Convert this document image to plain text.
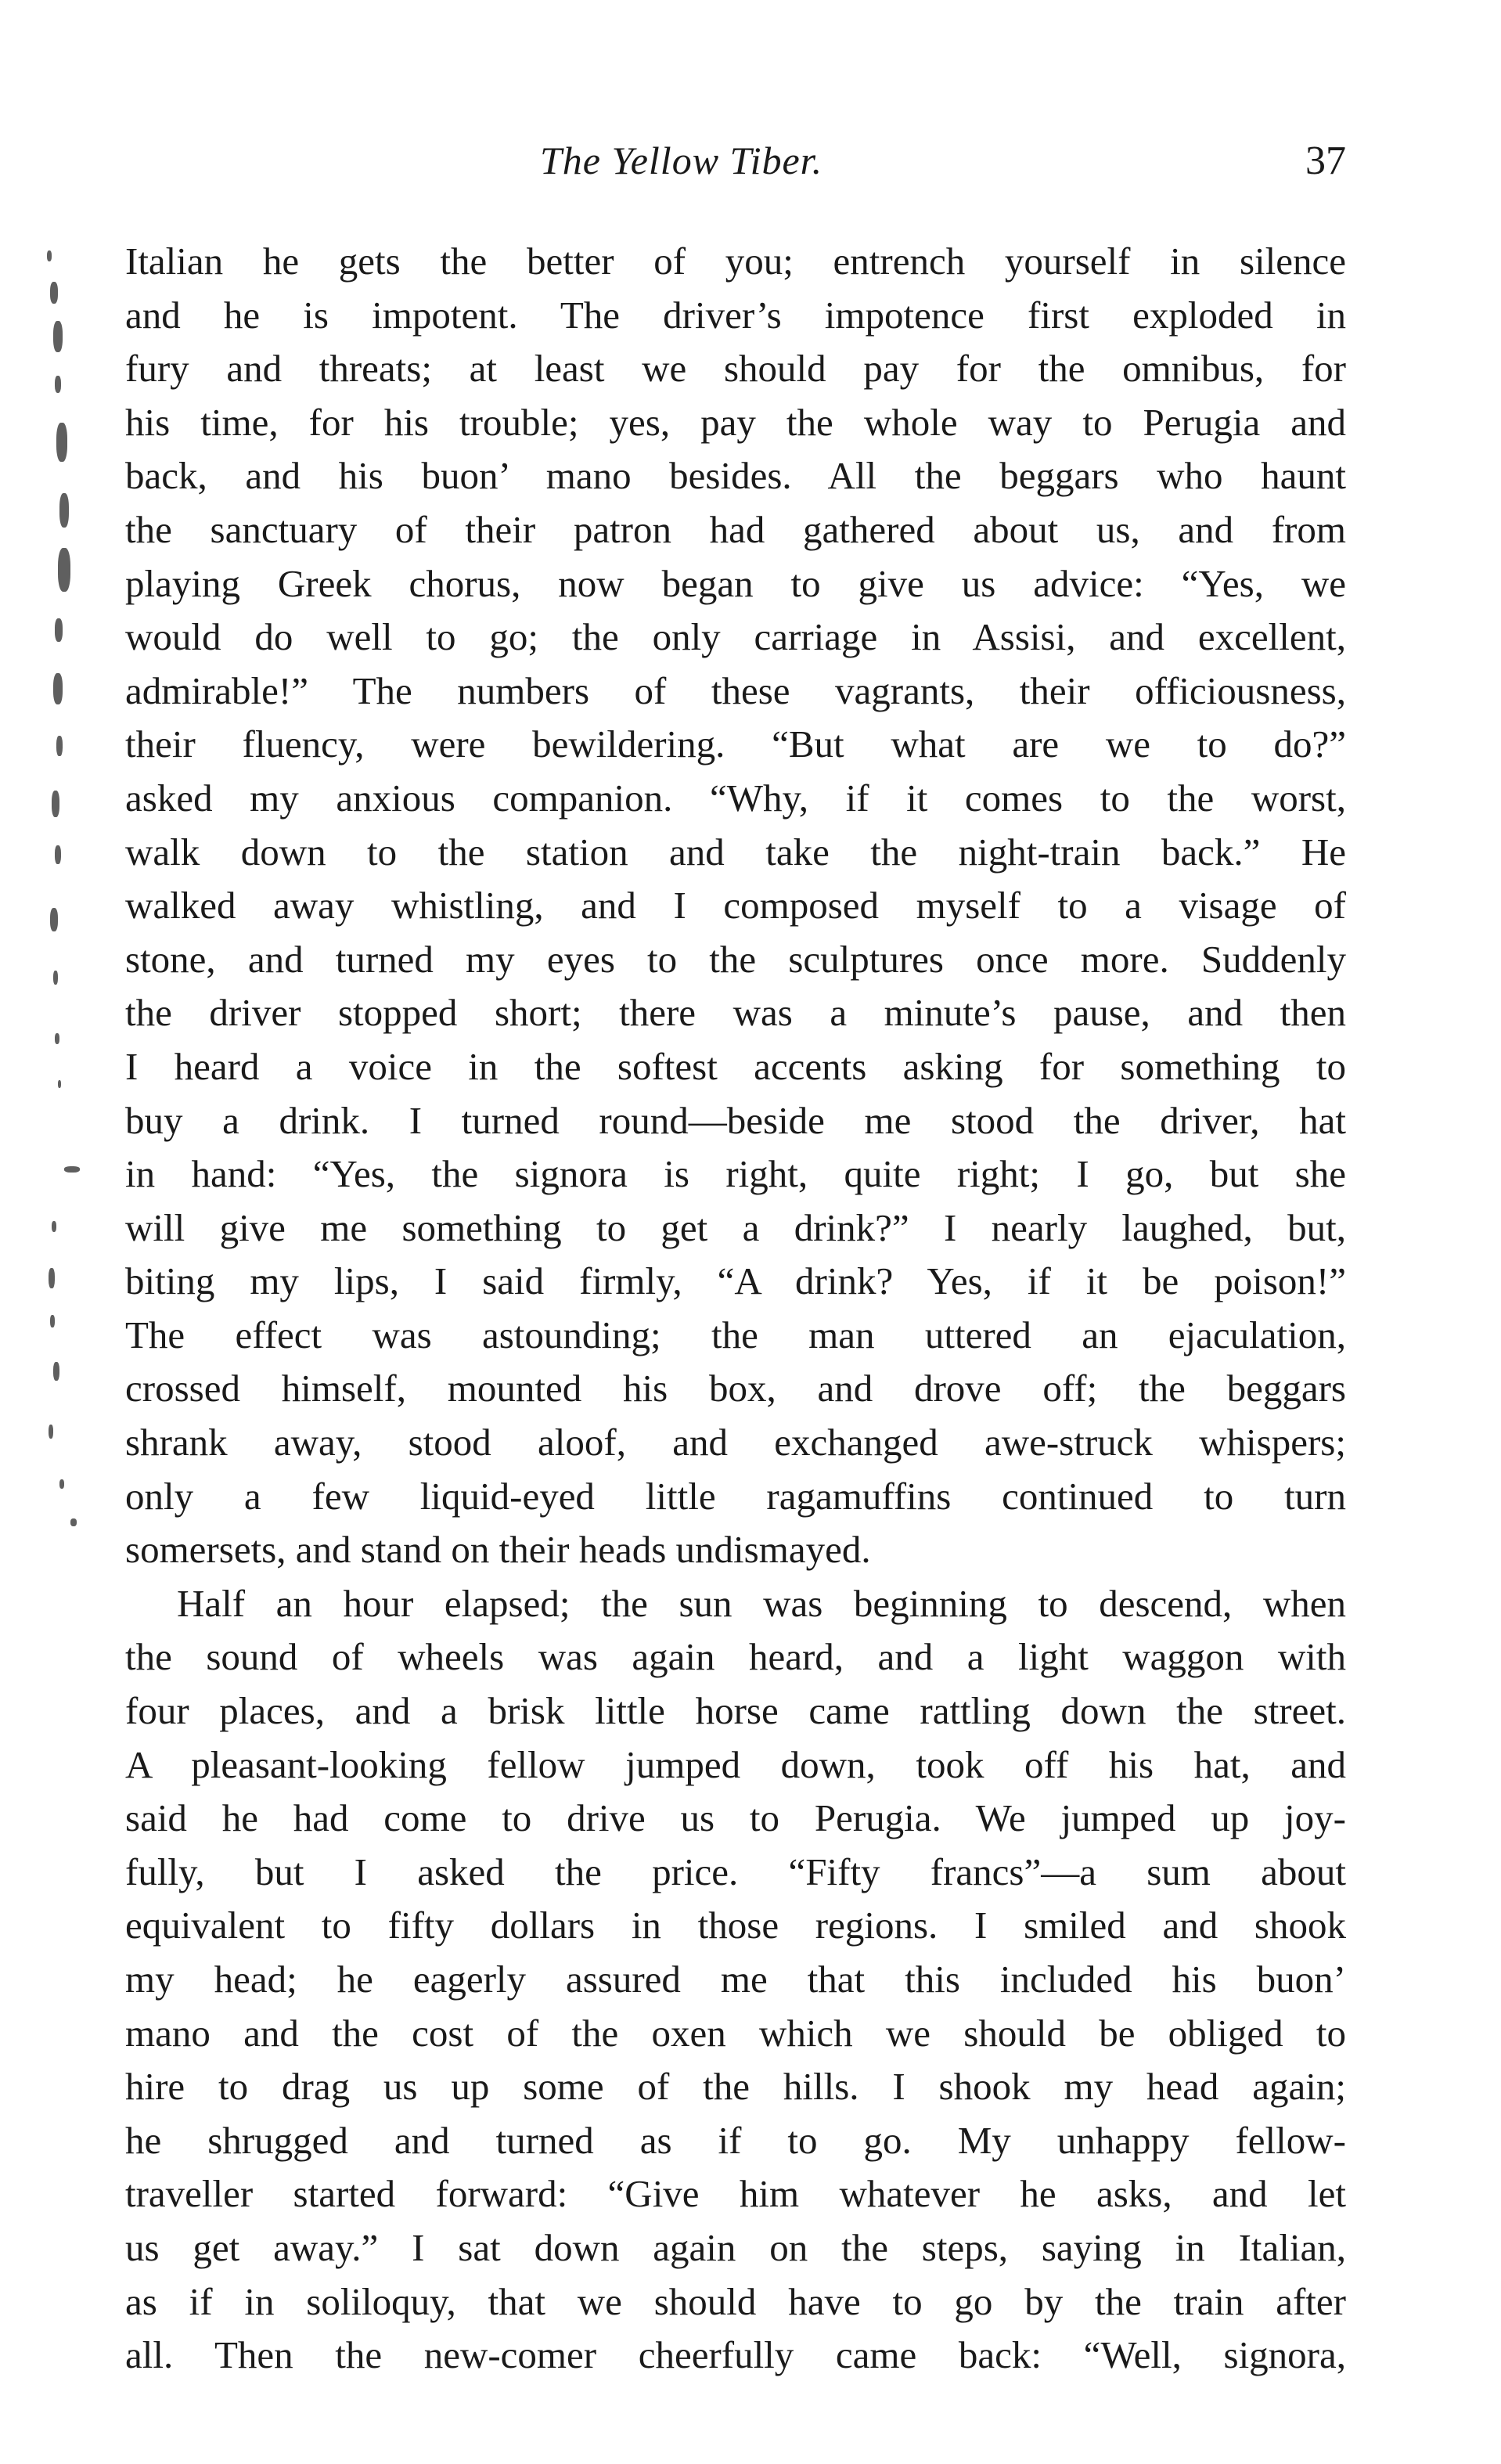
The Yellow Tiber.	37
Italian he gets the better of you; entrench yourself in silence
and he is impotent. The driver’s impotence first exploded in
fury and threats; at least we should pay for the omnibus, for
his time, for his trouble; yes, pay the whole way to Perugia and
back, and his buon’ mano besides. All the beggars who haunt
the sanctuary of their patron had gathered about us, and from
playing Greek chorus, now began to give us advice: “Yes, we
would do well to go; the only carriage in Assisi, and excellent,
admirable!” The numbers of these vagrants, their officiousness,
their fluency, were bewildering. “But what are we to do?”
asked my anxious companion. “Why, if it comes to the worst,
walk down to the station and take the night-train back.” He
walked away whistling, and I composed myself to a visage of
stone, and turned my eyes to the sculptures once more. Suddenly
the driver stopped short; there was a minute’s pause, and then
I heard a voice in the softest accents asking for something to
buy a drink. I turned round—beside me stood the driver, hat
in hand: “Yes, the signora is right, quite right; I go, but she
will give me something to get a drink?” I nearly laughed, but,
biting my lips, I said firmly, “A drink? Yes, if it be poison!”
The effect was astounding; the man uttered an ejaculation,
crossed himself, mounted his box, and drove off; the beggars
shrank away, stood aloof, and exchanged awe-struck whispers;
only a few liquid-eyed little ragamuffins continued to turn
somersets, and stand on their heads undismayed.
Half an hour elapsed; the sun was beginning to descend, when
the sound of wheels was again heard, and a light waggon with
four places, and a brisk little horse came rattling down the street.
A pleasant-looking fellow jumped down, took off his hat, and
said he had come to drive us to Perugia. We jumped up joy-
fully, but I asked the price. “Fifty francs”—a sum about
equivalent to fifty dollars in those regions. I smiled and shook
my head; he eagerly assured me that this included his buon’
mano and the cost of the oxen which we should be obliged to
hire to drag us up some of the hills. I shook my head again;
he shrugged and turned as if to go. My unhappy fellow-
traveller started forward: “Give him whatever he asks, and let
us get away.” I sat down again on the steps, saying in Italian,
as if in soliloquy, that we should have to go by the train after
all. Then the new-comer cheerfully came back: “Well, signora,
